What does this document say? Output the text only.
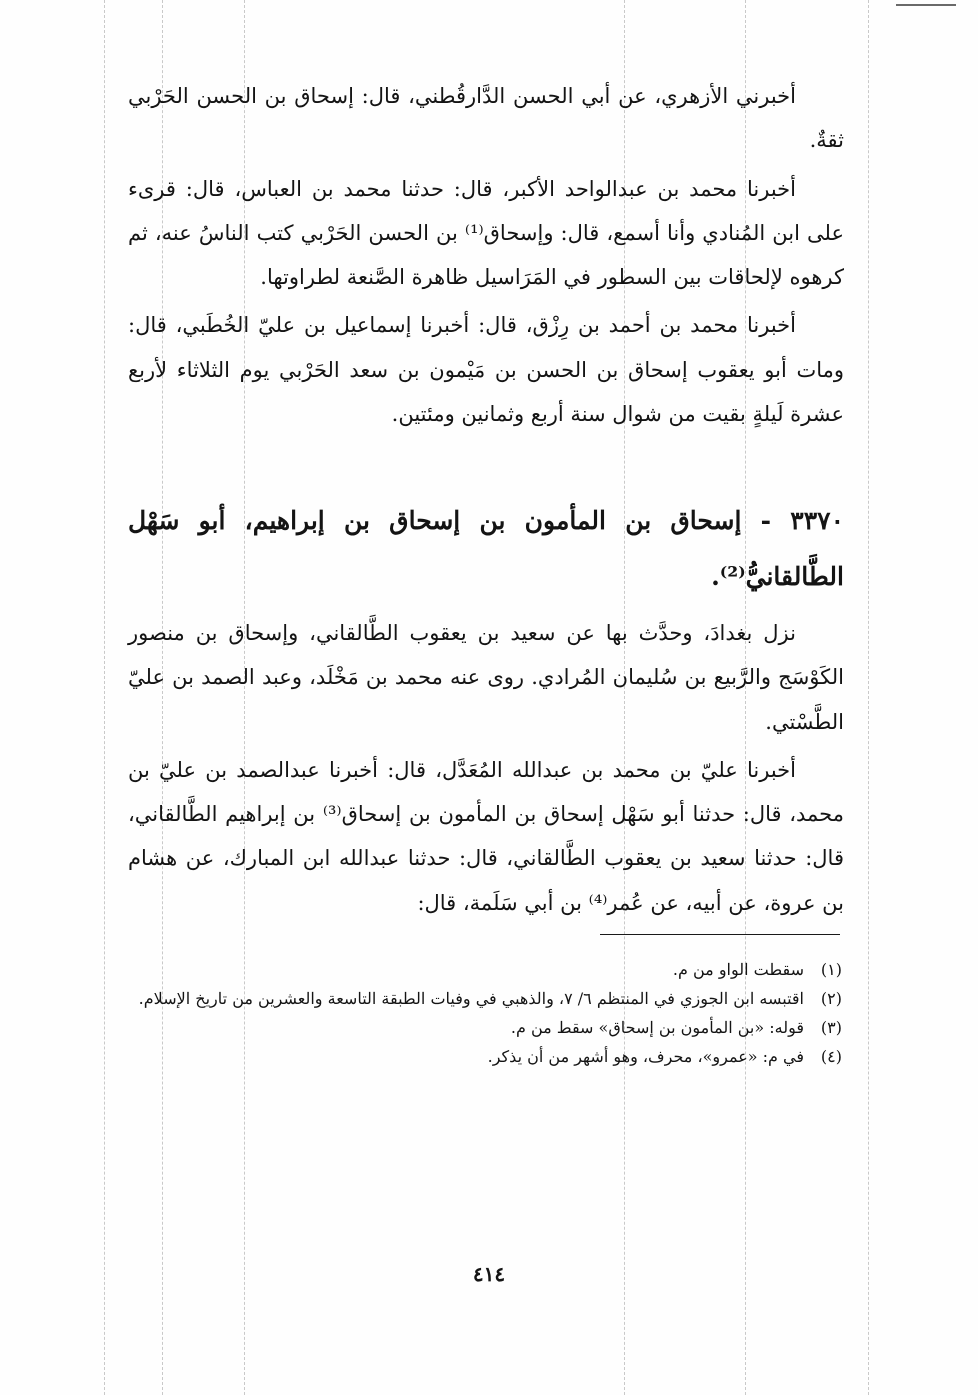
أخبرني الأزهري، عن أبي الحسن الدَّارقُطني، قال: إسحاق بن الحسن الحَرْبي ثقةٌ.

أخبرنا محمد بن عبدالواحد الأكبر، قال: حدثنا محمد بن العباس، قال: قرىء على ابن المُنادي وأنا أسمع، قال: وإسحاق⁽¹⁾ بن الحسن الحَرْبي كتب الناسُ عنه، ثم كرهوه لإلحاقات بين السطور في المَرَاسيل ظاهرة الصَّنعة لطراوتها.

أخبرنا محمد بن أحمد بن رِزْق، قال: أخبرنا إسماعيل بن عليّ الخُطَبي، قال: ومات أبو يعقوب إسحاق بن الحسن بن مَيْمون بن سعد الحَرْبي يوم الثلاثاء لأربع عشرة لَيلةٍ بقيت من شوال سنة أربع وثمانين ومئتين.

٣٣٧٠ - إسحاق بن المأمون بن إسحاق بن إبراهيم، أبو سَهْل الطَّالقانيُّ⁽²⁾.

نزل بغدادَ، وحدَّث بها عن سعيد بن يعقوب الطَّالقاني، وإسحاق بن منصور الكَوْسَج والرَّبيع بن سُليمان المُرادي. روى عنه محمد بن مَخْلَد، وعبد الصمد بن عليّ الطَّسْتي.

أخبرنا عليّ بن محمد بن عبدالله المُعَدَّل، قال: أخبرنا عبدالصمد بن عليّ بن محمد، قال: حدثنا أبو سَهْل إسحاق بن المأمون بن إسحاق⁽³⁾ بن إبراهيم الطَّالقاني، قال: حدثنا سعيد بن يعقوب الطَّالقاني، قال: حدثنا عبدالله ابن المبارك، عن هشام بن عروة، عن أبيه، عن عُمر⁽⁴⁾ بن أبي سَلَمة، قال:

(١)
سقطت الواو من م.
(٢)
اقتبسه ابن الجوزي في المنتظم ٦/ ٧، والذهبي في وفيات الطبقة التاسعة والعشرين من تاريخ الإسلام.
(٣)
قوله: «بن المأمون بن إسحاق» سقط من م.
(٤)
في م: «عمرو»، محرف، وهو أشهر من أن يذكر.
٤١٤
